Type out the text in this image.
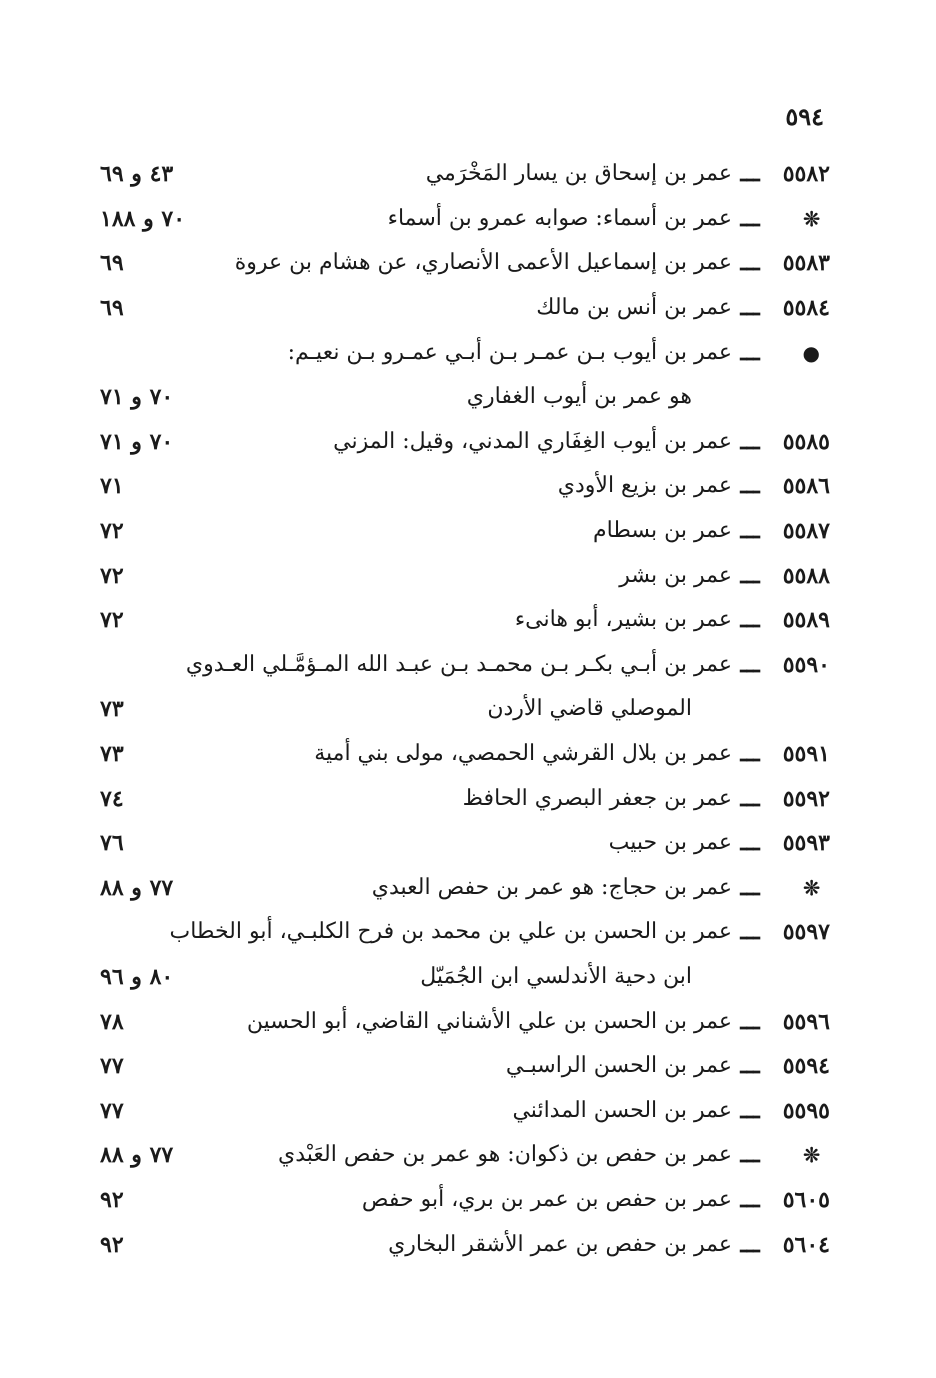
٥٩٤
٥٥٨٢
ـــ
عمر بن إسحاق بن يسار المَخْرَمي
٤٣ و ٦٩
❊
ـــ
عمر بن أسماء: صوابه عمرو بن أسماء
٧٠ و ١٨٨
٥٥٨٣
ـــ
عمر بن إسماعيل الأعمى الأنصاري، عن هشام بن عروة
٦٩
٥٥٨٤
ـــ
عمر بن أنس بن مالك
٦٩
●
ـــ
عمر بن أيوب بـن عمـر بـن أبـي عمـرو بـن نعيـم:
هو عمر بن أيوب الغفاري
٧٠ و ٧١
٥٥٨٥
ـــ
عمر بن أيوب الغِفَاري المدني، وقيل: المزني
٧٠ و ٧١
٥٥٨٦
ـــ
عمر بن بزيع الأودي
٧١
٥٥٨٧
ـــ
عمر بن بسطام
٧٢
٥٥٨٨
ـــ
عمر بن بشر
٧٢
٥٥٨٩
ـــ
عمر بن بشير، أبو هانىء
٧٢
٥٥٩٠
ـــ
عمر بن أبـي بكـر بـن محمـد بـن عبـد الله المـؤمَّـلي العـدوي
الموصلي قاضي الأردن
٧٣
٥٥٩١
ـــ
عمر بن بلال القرشي الحمصي، مولى بني أمية
٧٣
٥٥٩٢
ـــ
عمر بن جعفر البصري الحافظ
٧٤
٥٥٩٣
ـــ
عمر بن حبيب
٧٦
❊
ـــ
عمر بن حجاج: هو عمر بن حفص العبدي
٧٧ و ٨٨
٥٥٩٧
ـــ
عمر بن الحسن بن علي بن محمد بن فرح الكلبـي، أبو الخطاب
ابن دحية الأندلسي ابن الجُمَيّل
٨٠ و ٩٦
٥٥٩٦
ـــ
عمر بن الحسن بن علي الأشناني القاضي، أبو الحسين
٧٨
٥٥٩٤
ـــ
عمر بن الحسن الراسبـي
٧٧
٥٥٩٥
ـــ
عمر بن الحسن المدائني
٧٧
❊
ـــ
عمر بن حفص بن ذكوان: هو عمر بن حفص العَبْدي
٧٧ و ٨٨
٥٦٠٥
ـــ
عمر بن حفص بن عمر بن بري، أبو حفص
٩٢
٥٦٠٤
ـــ
عمر بن حفص بن عمر الأشقر البخاري
٩٢
